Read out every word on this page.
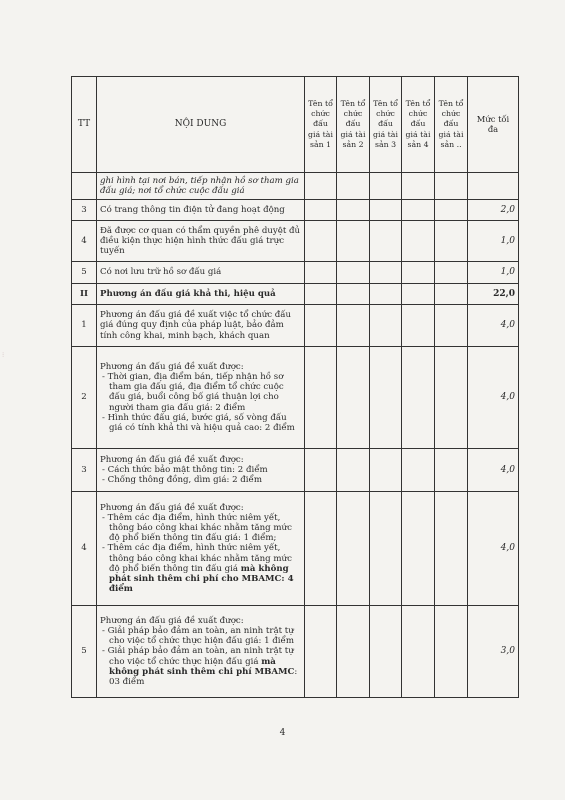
⁝
TT	NỘI DUNG	Tên tổ chức đấu giá tài sản 1	Tên tổ chức đấu giá tài sản 2	Tên tổ chức đấu giá tài sản 3	Tên tổ chức đấu giá tài sản 4	Tên tổ chức đấu giá tài sản ..	Mức tối đa
	ghi hình tại nơi bán, tiếp nhận hồ sơ tham gia đấu giá; nơi tổ chức cuộc đấu giá						
3	Có trang thông tin điện tử đang hoạt động						2,0
4	Đã được cơ quan có thẩm quyền phê duyệt đủ điều kiện thực hiện hình thức đấu giá trực tuyến						1,0
5	Có nơi lưu trữ hồ sơ đấu giá						1,0
II	Phương án đấu giá khả thi, hiệu quả						22,0
1	Phương án đấu giá đề xuất việc tổ chức đấu giá đúng quy định của pháp luật, bảo đảm tính công khai, minh bạch, khách quan						4,0
2	Phương án đấu giá đề xuất được:
- Thời gian, địa điểm bán, tiếp nhận hồ sơ tham gia đấu giá, địa điểm tổ chức cuộc đấu giá, buổi công bố giá thuận lợi cho người tham gia đấu giá: 2 điểm
- Hình thức đấu giá, bước giá, số vòng đấu giá có tính khả thi và hiệu quả cao: 2 điểm						4,0
3	Phương án đấu giá đề xuất được:
- Cách thức bảo mật thông tin: 2 điểm
- Chống thông đồng, dìm giá: 2 điểm						4,0
4	Phương án đấu giá đề xuất được:
- Thêm các địa điểm, hình thức niêm yết, thông báo công khai khác nhằm tăng mức độ phổ biến thông tin đấu giá: 1 điểm;
- Thêm các địa điểm, hình thức niêm yết, thông báo công khai khác nhằm tăng mức độ phổ biến thông tin đấu giá mà không phát sinh thêm chi phí cho MBAMC: 4 điểm						4,0
5	Phương án đấu giá đề xuất được:
- Giải pháp bảo đảm an toàn, an ninh trật tự cho việc tổ chức thực hiện đấu giá: 1 điểm
- Giải pháp bảo đảm an toàn, an ninh trật tự cho việc tổ chức thực hiện đấu giá mà không phát sinh thêm chi phí MBAMC: 03 điểm						3,0
4
